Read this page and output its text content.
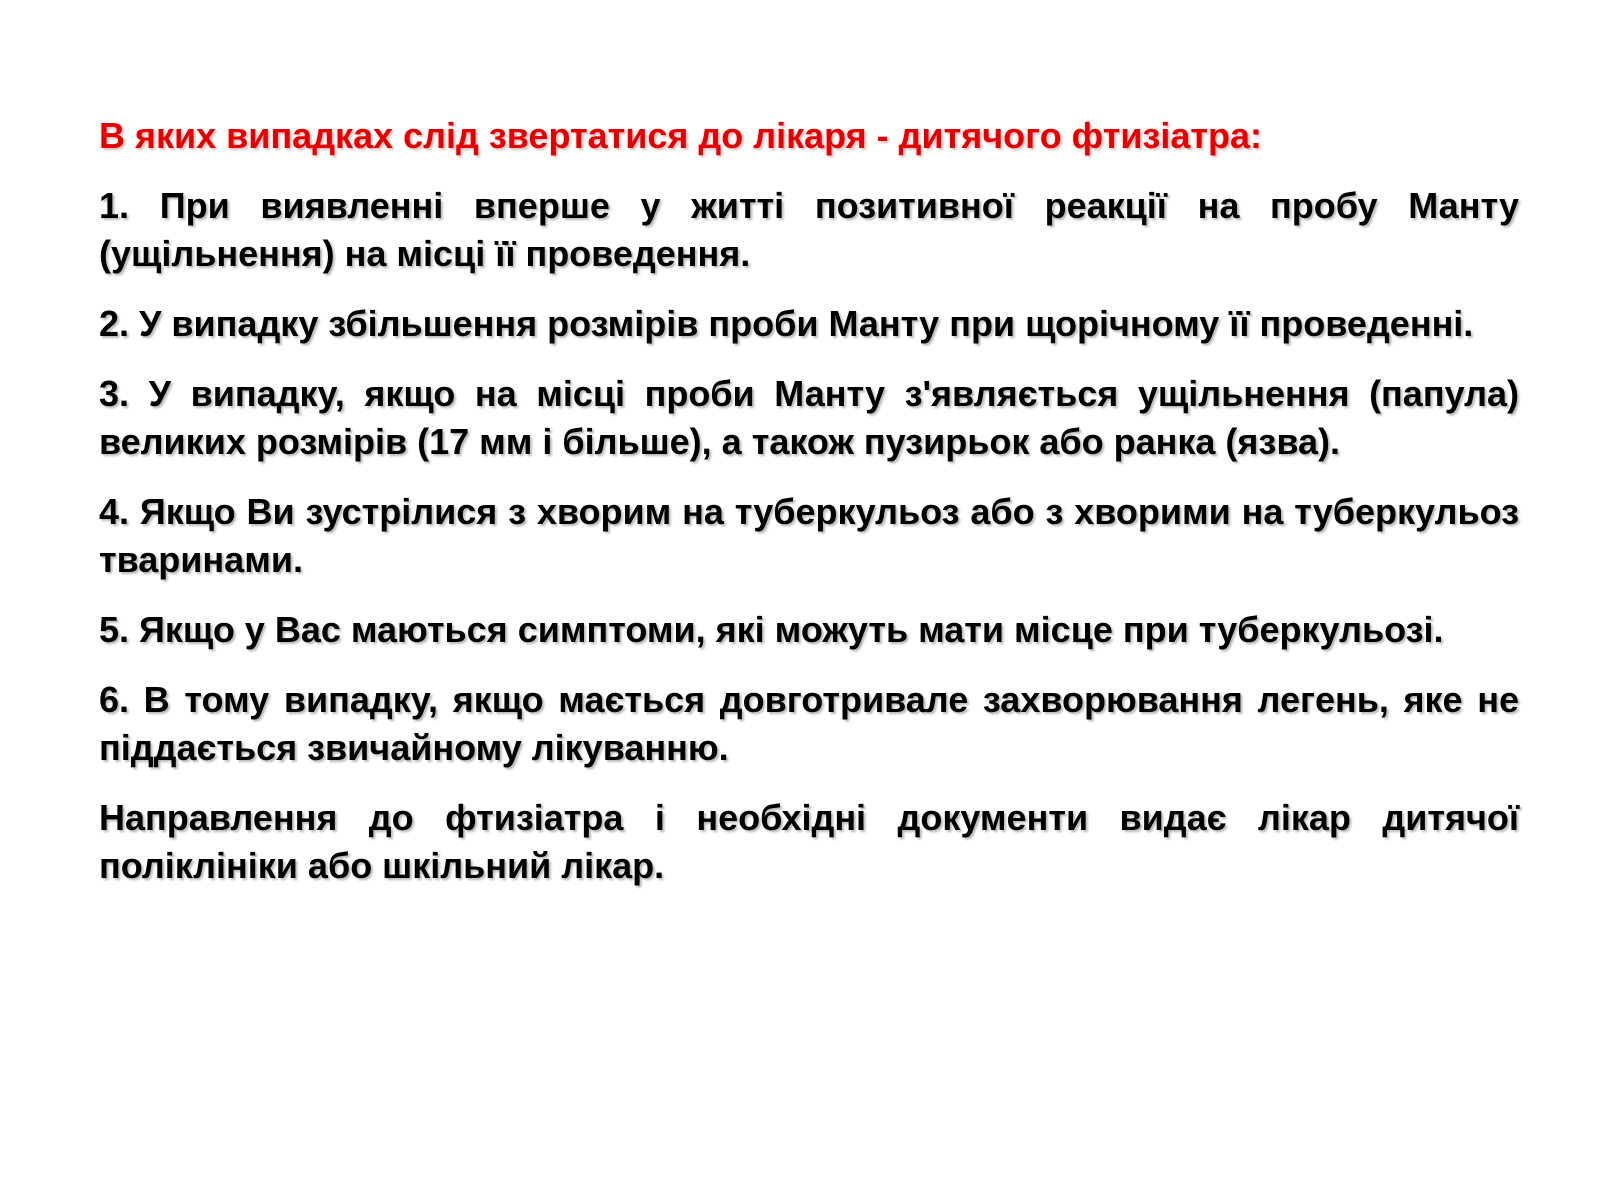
В яких випадках слід звертатися до лікаря - дитячого фтизіатра:
1. При виявленні вперше у житті позитивної реакції на пробу Манту (ущільнення) на місці її проведення.
2. У випадку збільшення розмірів проби Манту при щорічному її проведенні.
3. У випадку, якщо на місці проби Манту з'являється ущільнення (папула) великих розмірів (17 мм і більше), а також пузирьок або ранка (язва).
4. Якщо Ви зустрілися з хворим на туберкульоз або з хворими на туберкульоз тваринами.
5. Якщо у Вас маються симптоми, які можуть мати місце при туберкульозі.
6. В тому випадку, якщо мається довготривале захворювання легень, яке не піддається звичайному лікуванню.
Направлення до фтизіатра і необхідні документи видає лікар дитячої поліклініки або шкільний лікар.
